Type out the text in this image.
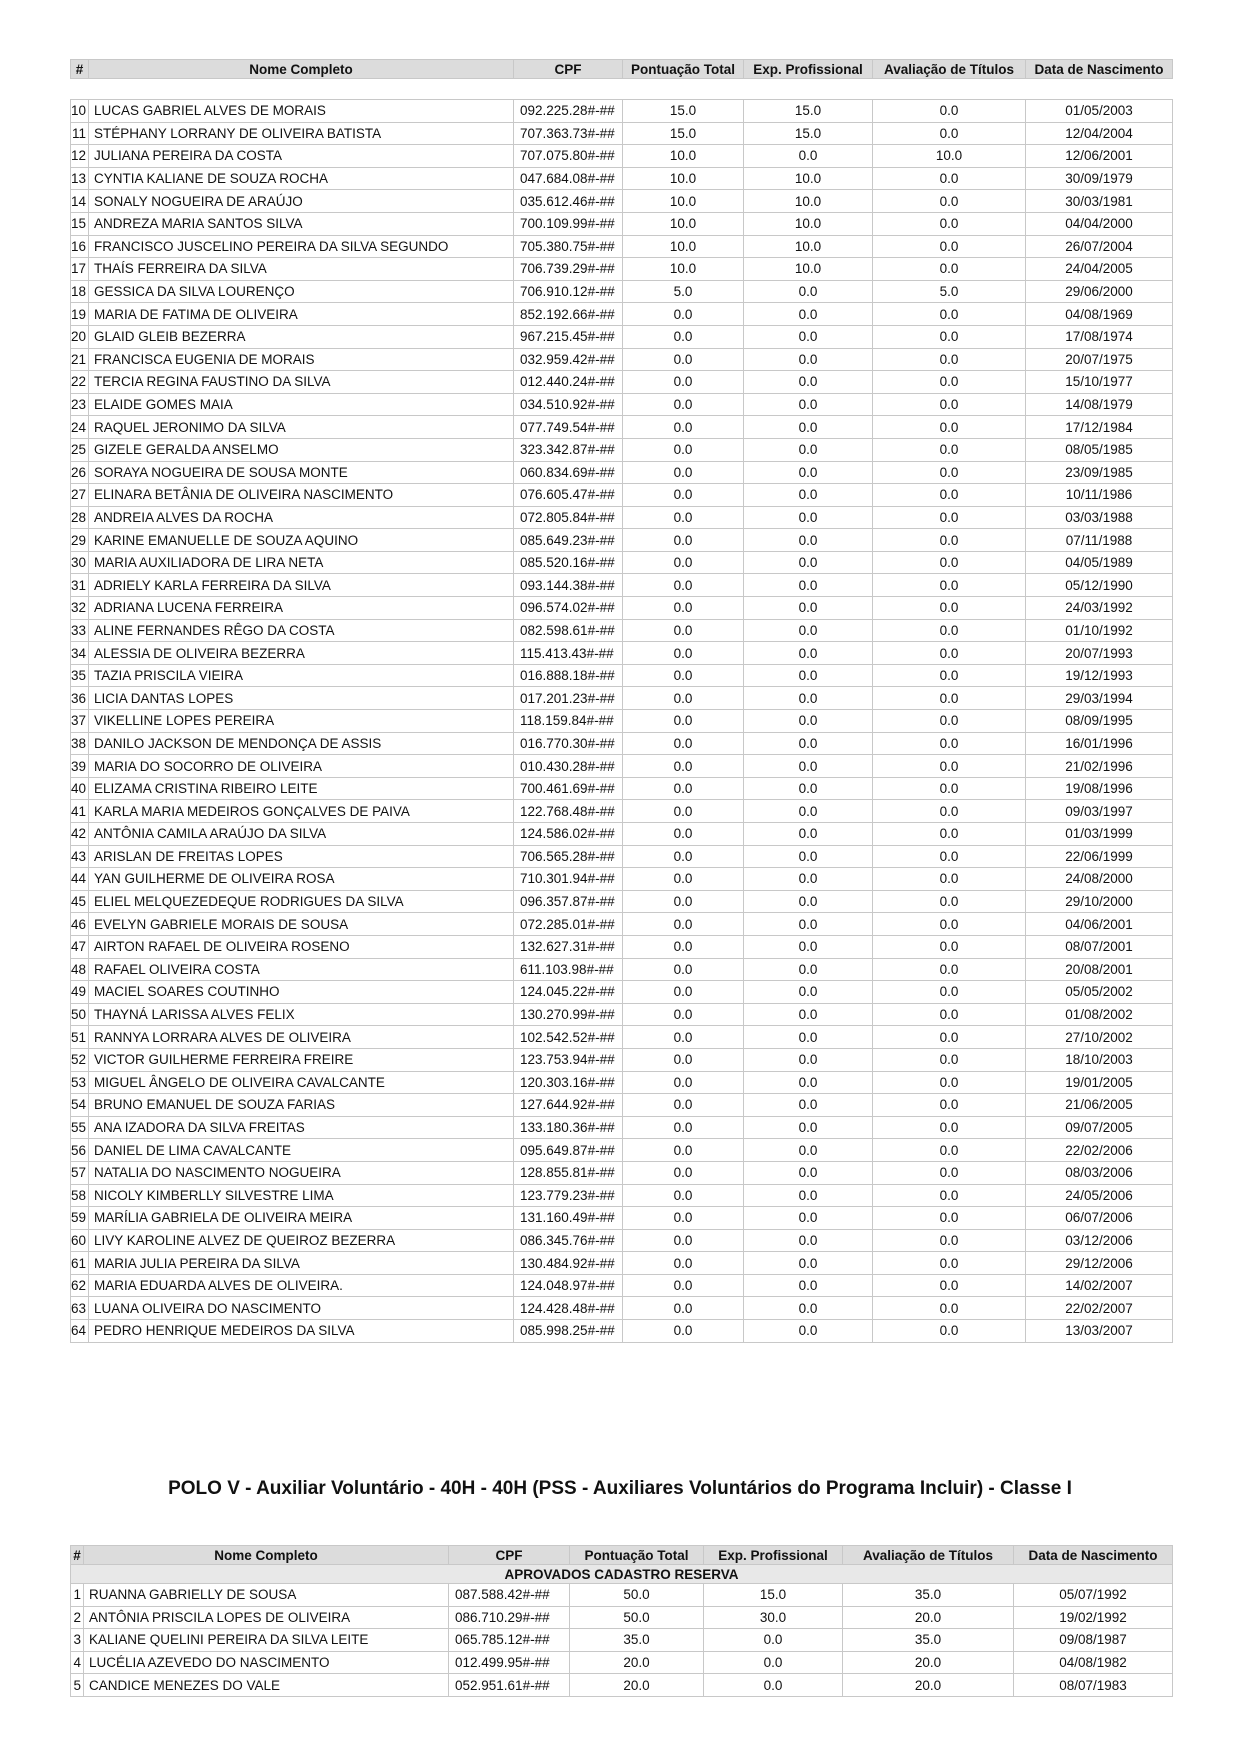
#	Nome Completo	CPF	Pontuação Total	Exp. Profissional	Avaliação de Títulos	Data de Nascimento

10	LUCAS GABRIEL ALVES DE MORAIS	092.225.28#-##	15.0	15.0	0.0	01/05/2003
11	STÉPHANY LORRANY DE OLIVEIRA BATISTA	707.363.73#-##	15.0	15.0	0.0	12/04/2004
12	JULIANA PEREIRA DA COSTA	707.075.80#-##	10.0	0.0	10.0	12/06/2001
13	CYNTIA KALIANE DE SOUZA ROCHA	047.684.08#-##	10.0	10.0	0.0	30/09/1979
14	SONALY NOGUEIRA DE ARAÚJO	035.612.46#-##	10.0	10.0	0.0	30/03/1981
15	ANDREZA MARIA SANTOS SILVA	700.109.99#-##	10.0	10.0	0.0	04/04/2000
16	FRANCISCO JUSCELINO PEREIRA DA SILVA SEGUNDO	705.380.75#-##	10.0	10.0	0.0	26/07/2004
17	THAÍS FERREIRA DA SILVA	706.739.29#-##	10.0	10.0	0.0	24/04/2005
18	GESSICA DA SILVA LOURENÇO	706.910.12#-##	5.0	0.0	5.0	29/06/2000
19	MARIA DE FATIMA DE OLIVEIRA	852.192.66#-##	0.0	0.0	0.0	04/08/1969
20	GLAID GLEIB BEZERRA	967.215.45#-##	0.0	0.0	0.0	17/08/1974
21	FRANCISCA EUGENIA DE MORAIS	032.959.42#-##	0.0	0.0	0.0	20/07/1975
22	TERCIA REGINA FAUSTINO DA SILVA	012.440.24#-##	0.0	0.0	0.0	15/10/1977
23	ELAIDE GOMES MAIA	034.510.92#-##	0.0	0.0	0.0	14/08/1979
24	RAQUEL JERONIMO DA SILVA	077.749.54#-##	0.0	0.0	0.0	17/12/1984
25	GIZELE GERALDA ANSELMO	323.342.87#-##	0.0	0.0	0.0	08/05/1985
26	SORAYA NOGUEIRA DE SOUSA MONTE	060.834.69#-##	0.0	0.0	0.0	23/09/1985
27	ELINARA BETÂNIA DE OLIVEIRA NASCIMENTO	076.605.47#-##	0.0	0.0	0.0	10/11/1986
28	ANDREIA ALVES DA ROCHA	072.805.84#-##	0.0	0.0	0.0	03/03/1988
29	KARINE EMANUELLE DE SOUZA AQUINO	085.649.23#-##	0.0	0.0	0.0	07/11/1988
30	MARIA AUXILIADORA DE LIRA NETA	085.520.16#-##	0.0	0.0	0.0	04/05/1989
31	ADRIELY KARLA FERREIRA DA SILVA	093.144.38#-##	0.0	0.0	0.0	05/12/1990
32	ADRIANA LUCENA FERREIRA	096.574.02#-##	0.0	0.0	0.0	24/03/1992
33	ALINE FERNANDES RÊGO DA COSTA	082.598.61#-##	0.0	0.0	0.0	01/10/1992
34	ALESSIA DE OLIVEIRA BEZERRA	115.413.43#-##	0.0	0.0	0.0	20/07/1993
35	TAZIA PRISCILA VIEIRA	016.888.18#-##	0.0	0.0	0.0	19/12/1993
36	LICIA DANTAS LOPES	017.201.23#-##	0.0	0.0	0.0	29/03/1994
37	VIKELLINE LOPES PEREIRA	118.159.84#-##	0.0	0.0	0.0	08/09/1995
38	DANILO JACKSON DE MENDONÇA DE ASSIS	016.770.30#-##	0.0	0.0	0.0	16/01/1996
39	MARIA DO SOCORRO DE OLIVEIRA	010.430.28#-##	0.0	0.0	0.0	21/02/1996
40	ELIZAMA CRISTINA RIBEIRO LEITE	700.461.69#-##	0.0	0.0	0.0	19/08/1996
41	KARLA MARIA MEDEIROS GONÇALVES DE PAIVA	122.768.48#-##	0.0	0.0	0.0	09/03/1997
42	ANTÔNIA CAMILA ARAÚJO DA SILVA	124.586.02#-##	0.0	0.0	0.0	01/03/1999
43	ARISLAN DE FREITAS LOPES	706.565.28#-##	0.0	0.0	0.0	22/06/1999
44	YAN GUILHERME DE OLIVEIRA ROSA	710.301.94#-##	0.0	0.0	0.0	24/08/2000
45	ELIEL MELQUEZEDEQUE RODRIGUES DA SILVA	096.357.87#-##	0.0	0.0	0.0	29/10/2000
46	EVELYN GABRIELE MORAIS DE SOUSA	072.285.01#-##	0.0	0.0	0.0	04/06/2001
47	AIRTON RAFAEL DE OLIVEIRA ROSENO	132.627.31#-##	0.0	0.0	0.0	08/07/2001
48	RAFAEL OLIVEIRA COSTA	611.103.98#-##	0.0	0.0	0.0	20/08/2001
49	MACIEL SOARES COUTINHO	124.045.22#-##	0.0	0.0	0.0	05/05/2002
50	THAYNÁ LARISSA ALVES FELIX	130.270.99#-##	0.0	0.0	0.0	01/08/2002
51	RANNYA LORRARA ALVES DE OLIVEIRA	102.542.52#-##	0.0	0.0	0.0	27/10/2002
52	VICTOR GUILHERME FERREIRA FREIRE	123.753.94#-##	0.0	0.0	0.0	18/10/2003
53	MIGUEL ÂNGELO DE OLIVEIRA CAVALCANTE	120.303.16#-##	0.0	0.0	0.0	19/01/2005
54	BRUNO EMANUEL DE SOUZA FARIAS	127.644.92#-##	0.0	0.0	0.0	21/06/2005
55	ANA IZADORA DA SILVA FREITAS	133.180.36#-##	0.0	0.0	0.0	09/07/2005
56	DANIEL DE LIMA CAVALCANTE	095.649.87#-##	0.0	0.0	0.0	22/02/2006
57	NATALIA DO NASCIMENTO NOGUEIRA	128.855.81#-##	0.0	0.0	0.0	08/03/2006
58	NICOLY KIMBERLLY SILVESTRE LIMA	123.779.23#-##	0.0	0.0	0.0	24/05/2006
59	MARÍLIA GABRIELA DE OLIVEIRA MEIRA	131.160.49#-##	0.0	0.0	0.0	06/07/2006
60	LIVY KAROLINE ALVEZ DE QUEIROZ BEZERRA	086.345.76#-##	0.0	0.0	0.0	03/12/2006
61	MARIA JULIA PEREIRA DA SILVA	130.484.92#-##	0.0	0.0	0.0	29/12/2006
62	MARIA EDUARDA ALVES DE OLIVEIRA.	124.048.97#-##	0.0	0.0	0.0	14/02/2007
63	LUANA OLIVEIRA DO NASCIMENTO	124.428.48#-##	0.0	0.0	0.0	22/02/2007
64	PEDRO HENRIQUE MEDEIROS DA SILVA	085.998.25#-##	0.0	0.0	0.0	13/03/2007
POLO V - Auxiliar Voluntário - 40H - 40H (PSS - Auxiliares Voluntários do Programa Incluir) - Classe I
#	Nome Completo	CPF	Pontuação Total	Exp. Profissional	Avaliação de Títulos	Data de Nascimento
APROVADOS CADASTRO RESERVA						
1	RUANNA GABRIELLY DE SOUSA	087.588.42#-##	50.0	15.0	35.0	05/07/1992
2	ANTÔNIA PRISCILA LOPES DE OLIVEIRA	086.710.29#-##	50.0	30.0	20.0	19/02/1992
3	KALIANE QUELINI PEREIRA DA SILVA LEITE	065.785.12#-##	35.0	0.0	35.0	09/08/1987
4	LUCÉLIA AZEVEDO DO NASCIMENTO	012.499.95#-##	20.0	0.0	20.0	04/08/1982
5	CANDICE MENEZES DO VALE	052.951.61#-##	20.0	0.0	20.0	08/07/1983
